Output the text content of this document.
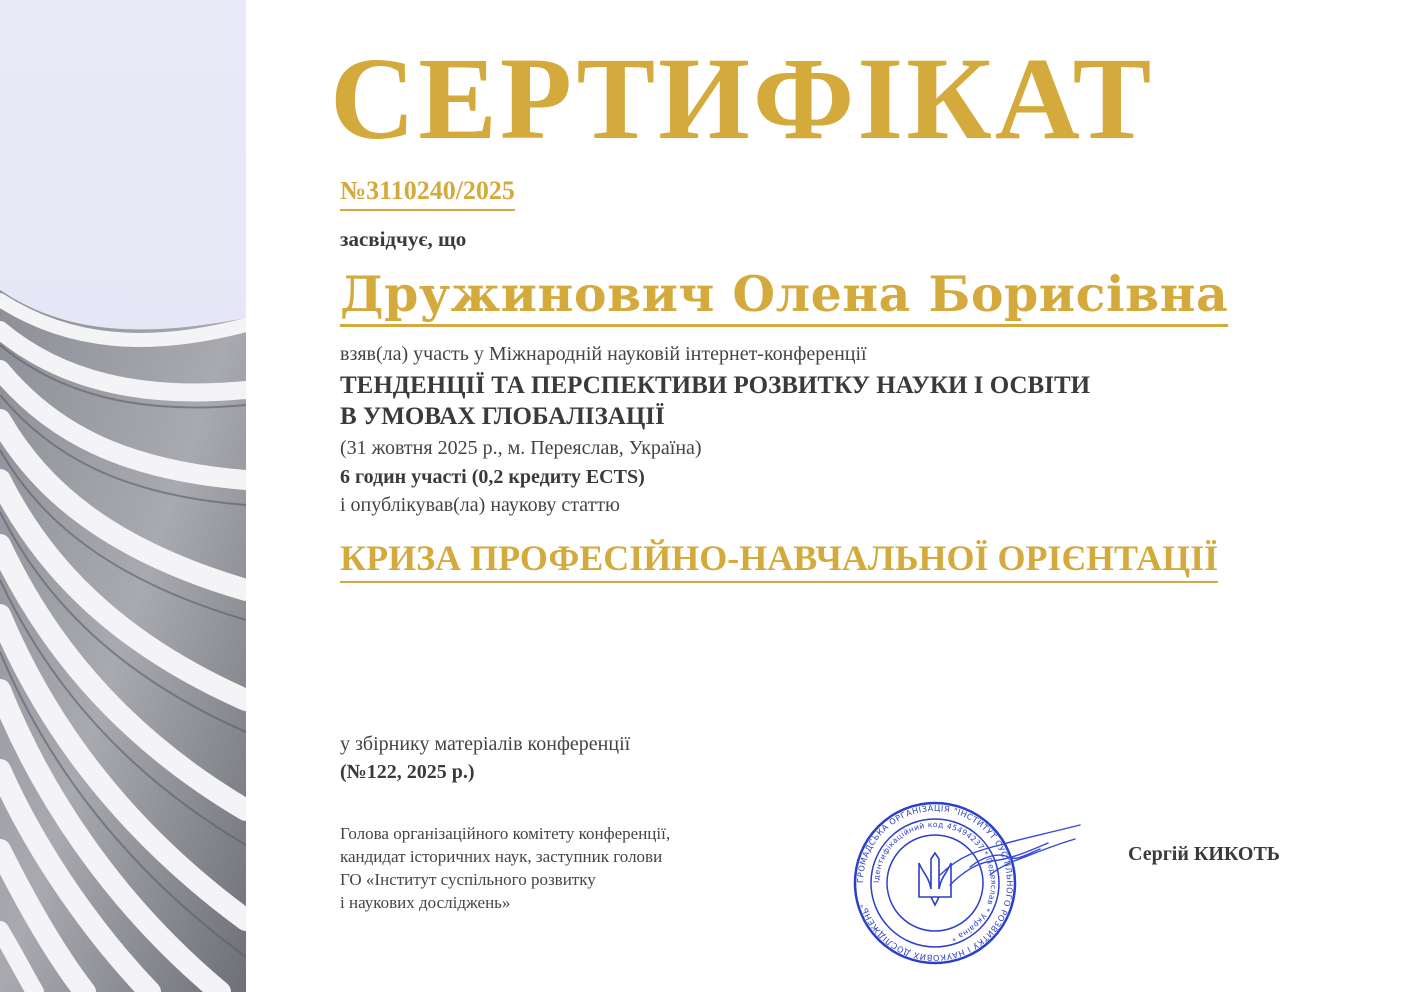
СЕРТИФІКАТ
№3110240/2025
засвідчує, що
Дружинович Олена Борисівна
взяв(ла) участь у Міжнародній науковій інтернет-конференції
ТЕНДЕНЦІЇ ТА ПЕРСПЕКТИВИ РОЗВИТКУ НАУКИ І ОСВІТИ
В УМОВАХ ГЛОБАЛІЗАЦІЇ
(31 жовтня 2025 р., м. Переяслав, Україна)
6 годин участі (0,2 кредиту ECTS)
і опублікував(ла) наукову статтю
КРИЗА ПРОФЕСІЙНО-НАВЧАЛЬНОЇ ОРІЄНТАЦІЇ
у збірнику матеріалів конференції
(№122, 2025 р.)
Голова організаційного комітету конференції,
кандидат історичних наук, заступник голови
ГО «Інститут суспільного розвитку
і наукових досліджень»
Сергій КИКОТЬ
ГРОМАДСЬКА ОРГАНІЗАЦІЯ "ІНСТИТУТ СУСПІЛЬНОГО РОЗВИТКУ І НАУКОВИХ ДОСЛІДЖЕНЬ"
Ідентифікаційний код 45494237 * Переяслав * Україна *
